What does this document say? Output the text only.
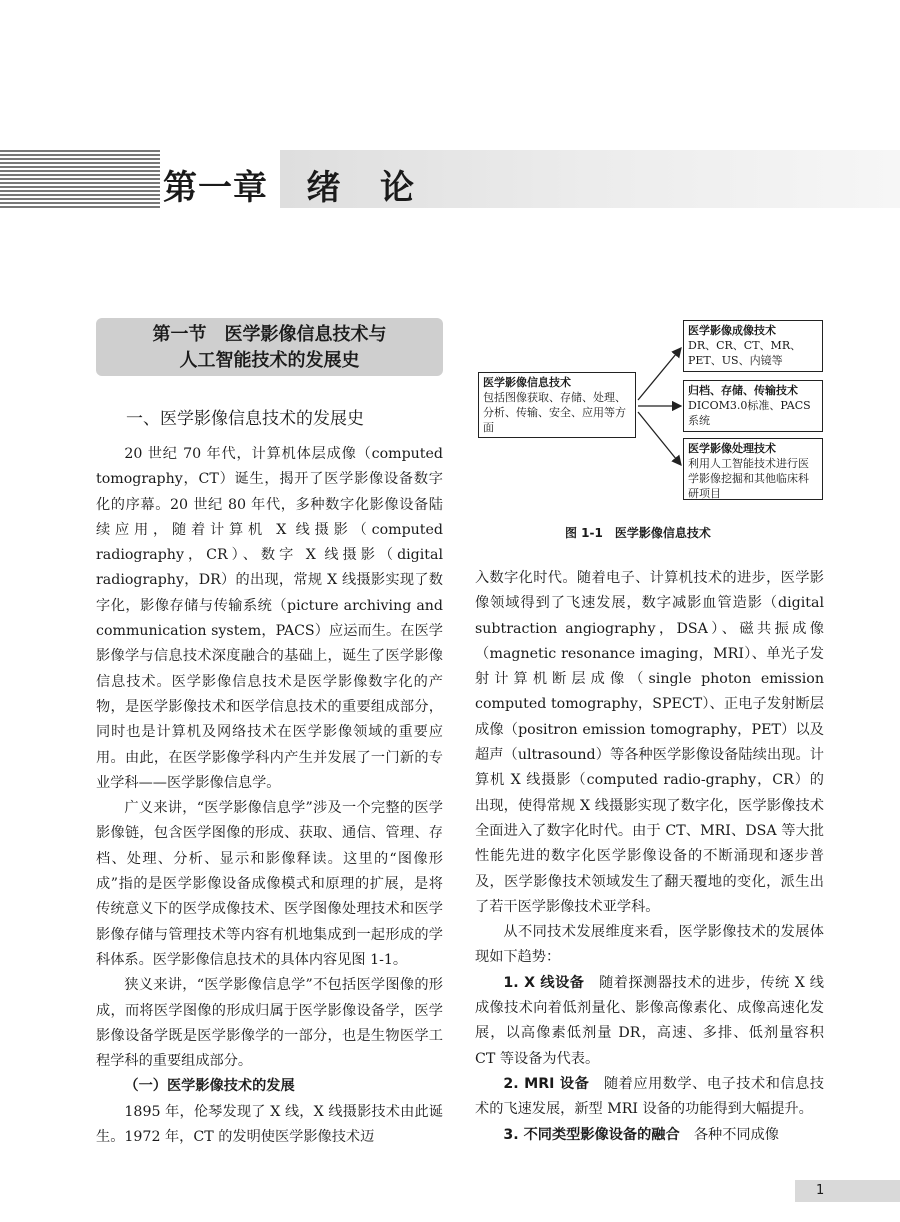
第一章   绪   论
第一节　医学影像信息技术与
人工智能技术的发展史
一、医学影像信息技术的发展史

20 世纪 70 年代，计算机体层成像（computed tomography，CT）诞生，揭开了医学影像设备数字化的序幕。20 世纪 80 年代，多种数字化影像设备陆续应用，随着计算机 X 线摄影（computed radiography，CR）、数字 X 线摄影（digital radiography，DR）的出现，常规 X 线摄影实现了数字化，影像存储与传输系统（picture archiving and communication system，PACS）应运而生。在医学影像学与信息技术深度融合的基础上，诞生了医学影像信息技术。医学影像信息技术是医学影像数字化的产物，是医学影像技术和医学信息技术的重要组成部分，同时也是计算机及网络技术在医学影像领域的重要应用。由此，在医学影像学科内产生并发展了一门新的专业学科——医学影像信息学。

广义来讲，“医学影像信息学”涉及一个完整的医学影像链，包含医学图像的形成、获取、通信、管理、存档、处理、分析、显示和影像释读。这里的“图像形成”指的是医学影像设备成像模式和原理的扩展，是将传统意义下的医学成像技术、医学图像处理技术和医学影像存储与管理技术等内容有机地集成到一起形成的学科体系。医学影像信息技术的具体内容见图 1-1。

狭义来讲，“医学影像信息学”不包括医学图像的形成，而将医学图像的形成归属于医学影像设备学，医学影像设备学既是医学影像学的一部分，也是生物医学工程学科的重要组成部分。

（一）医学影像技术的发展

1895 年，伦琴发现了 X 线，X 线摄影技术由此诞生。1972 年，CT 的发明使医学影像技术迈

医学影像信息技术
包括图像获取、存储、处理、分析、传输、安全、应用等方面
医学影像成像技术
DR、CR、CT、MR、PET、US、内镜等
归档、存储、传输技术
DICOM3.0标准、PACS系统
医学影像处理技术
利用人工智能技术进行医学影像挖掘和其他临床科研项目
图 1-1　医学影像信息技术

入数字化时代。随着电子、计算机技术的进步，医学影像领域得到了飞速发展，数字减影血管造影（digital subtraction angiography，DSA）、磁共振成像（magnetic resonance imaging，MRI）、单光子发射计算机断层成像（single photon emission computed tomography，SPECT）、正电子发射断层成像（positron emission tomography，PET）以及超声（ultrasound）等各种医学影像设备陆续出现。计算机 X 线摄影（computed radio-graphy，CR）的出现，使得常规 X 线摄影实现了数字化，医学影像技术全面进入了数字化时代。由于 CT、MRI、DSA 等大批性能先进的数字化医学影像设备的不断涌现和逐步普及，医学影像技术领域发生了翻天覆地的变化，派生出了若干医学影像技术亚学科。

从不同技术发展维度来看，医学影像技术的发展体现如下趋势：

1. X 线设备　随着探测器技术的进步，传统 X 线成像技术向着低剂量化、影像高像素化、成像高速化发展，以高像素低剂量 DR，高速、多排、低剂量容积 CT 等设备为代表。

2. MRI 设备　随着应用数学、电子技术和信息技术的飞速发展，新型 MRI 设备的功能得到大幅提升。

3. 不同类型影像设备的融合　各种不同成像

1
